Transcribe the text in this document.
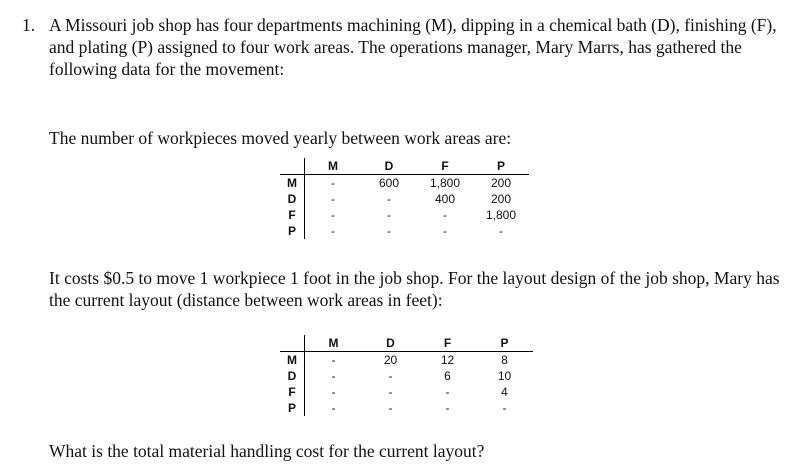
1. A Missouri job shop has four departments machining (M), dipping in a chemical bath (D), finishing (F), and plating (P) assigned to four work areas. The operations manager, Mary Marrs, has gathered the following data for the movement:
The number of workpieces moved yearly between work areas are:
	M	D	F	P
M	-	600	1,800	200
D	-	-	400	200
F	-	-	-	1,800
P	-	-	-	-
It costs $0.5 to move 1 workpiece 1 foot in the job shop. For the layout design of the job shop, Mary has the current layout (distance between work areas in feet):
	M	D	F	P
M	-	20	12	8
D	-	-	6	10
F	-	-	-	4
P	-	-	-	-
What is the total material handling cost for the current layout?
